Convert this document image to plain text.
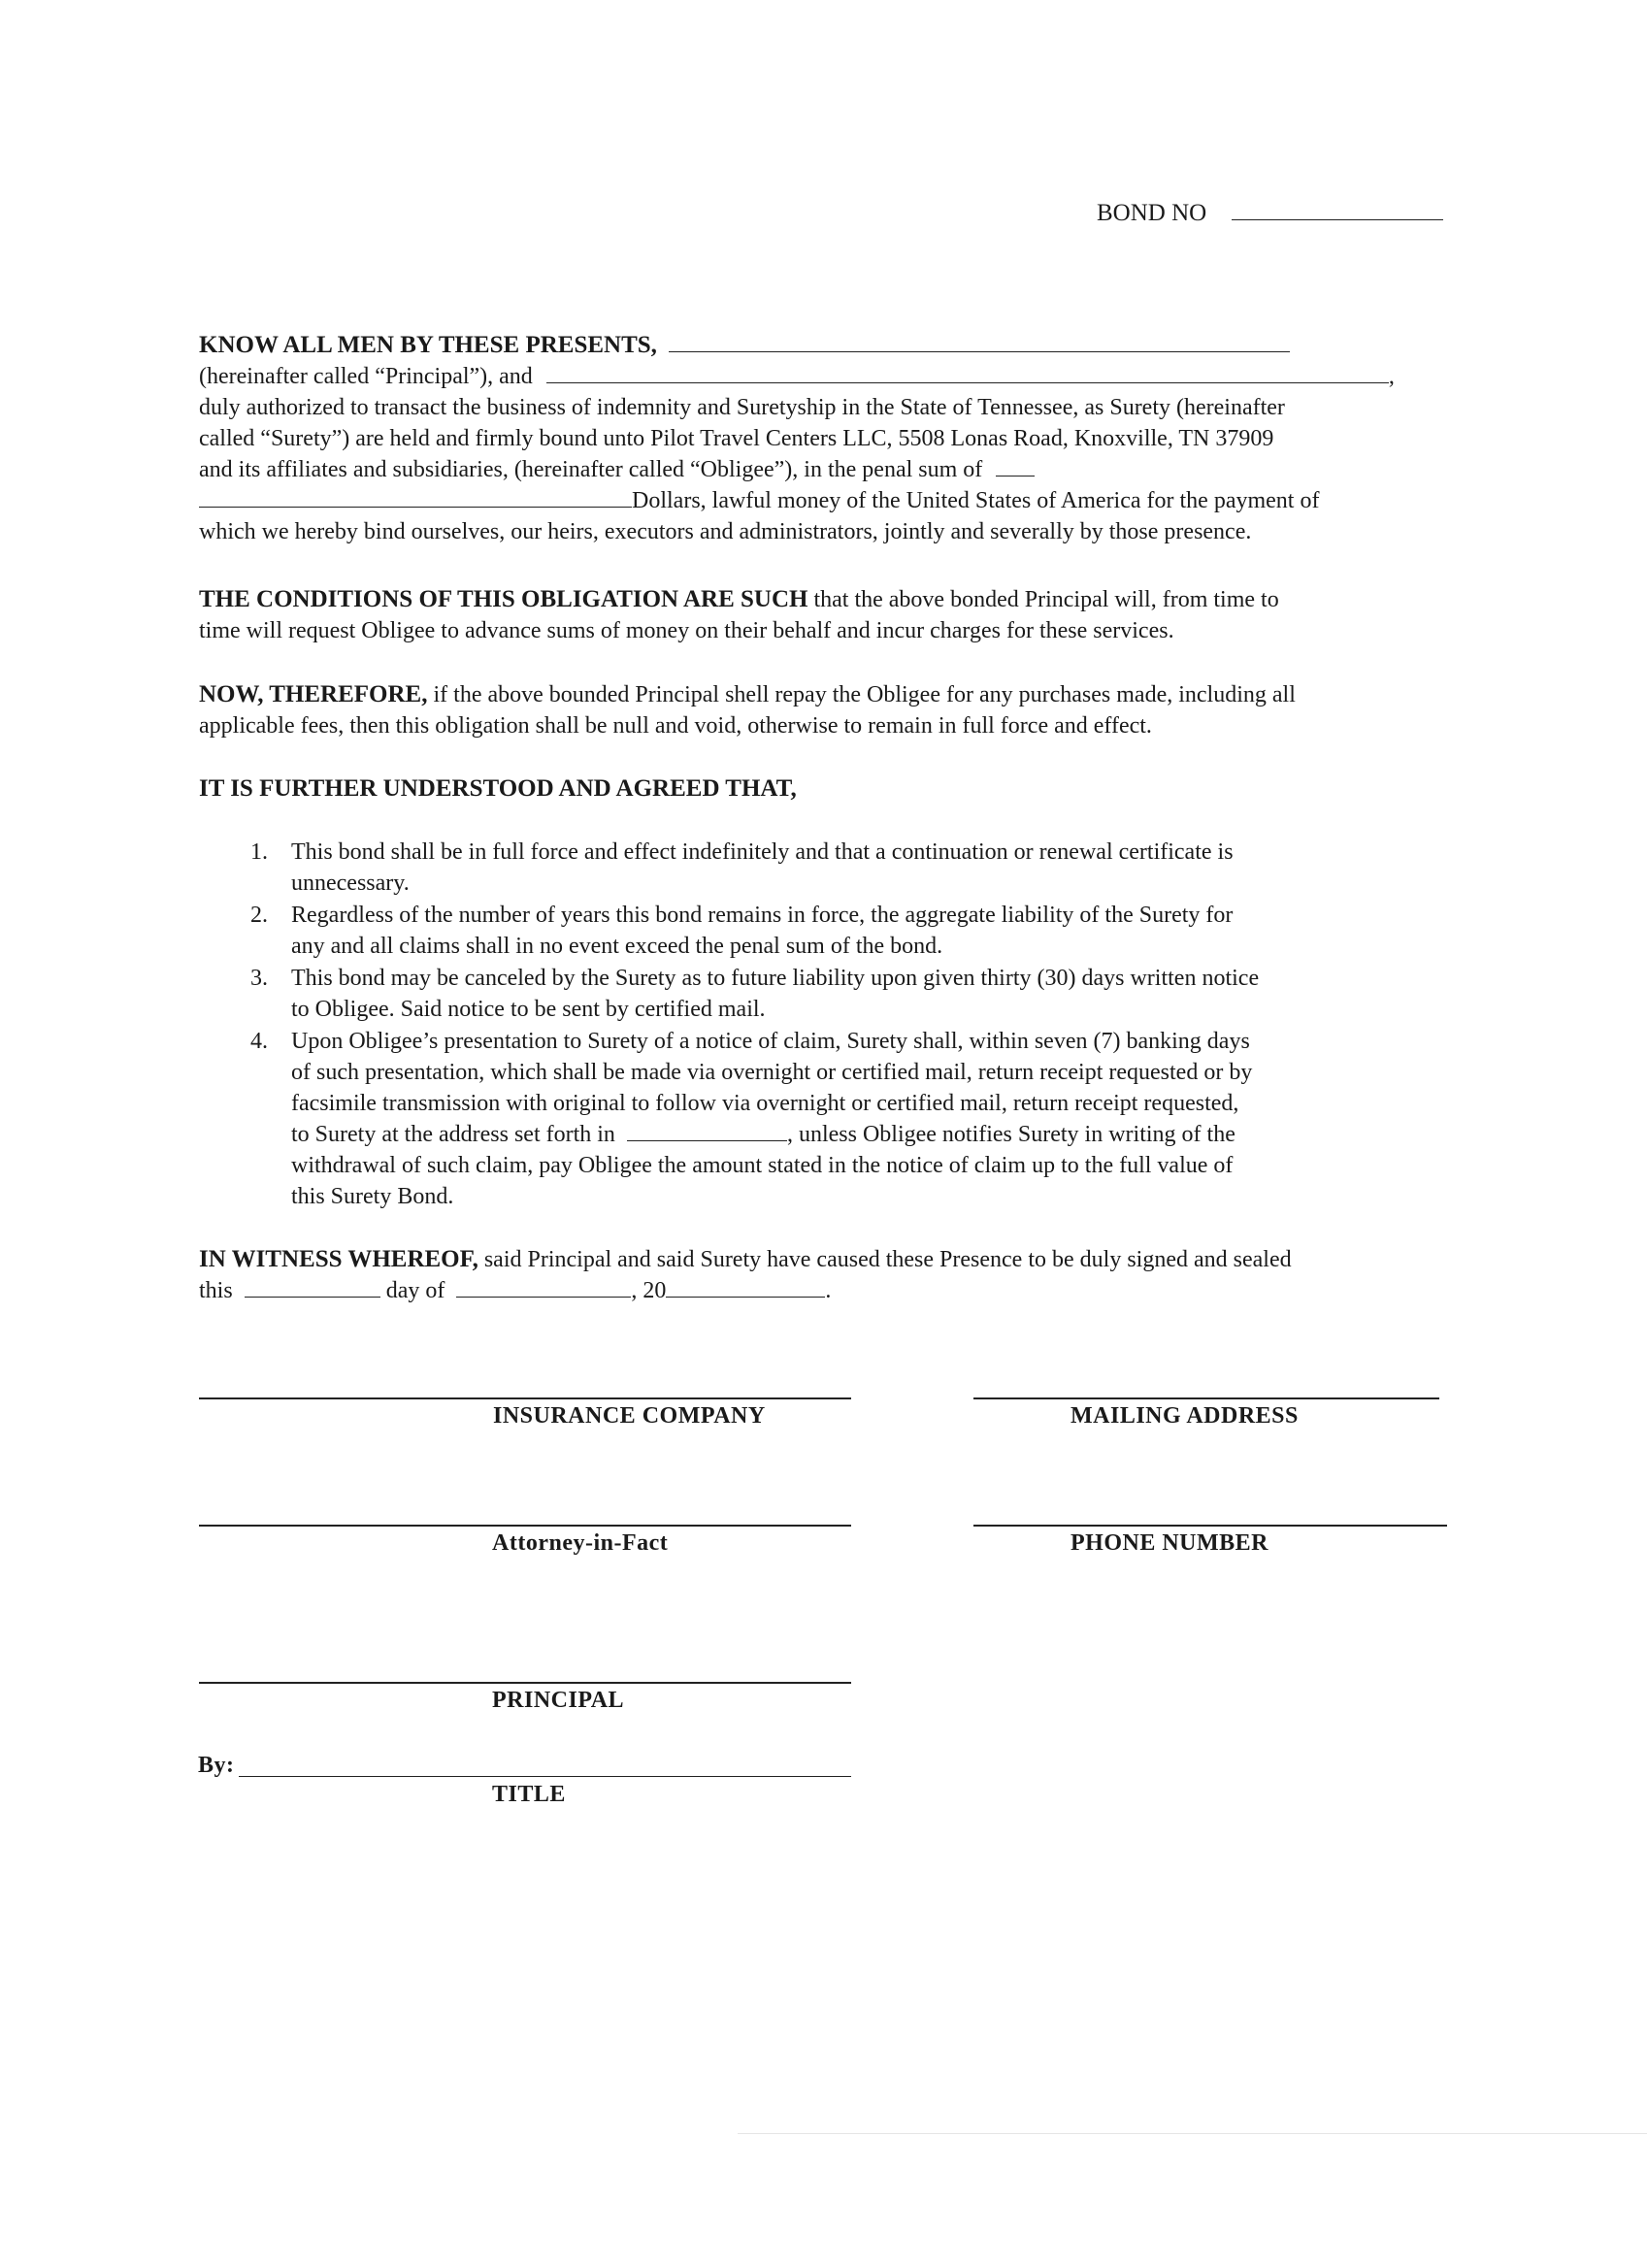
BOND NO
KNOW ALL MEN BY THESE PRESENTS,
(hereinafter called “Principal”), and	,
duly authorized to transact the business of indemnity and Suretyship in the State of Tennessee, as Surety (hereinafter
called “Surety”) are held and firmly bound unto Pilot Travel Centers LLC, 5508 Lonas Road, Knoxville, TN 37909
and its affiliates and subsidiaries, (hereinafter called “Obligee”), in the penal sum of
Dollars, lawful money of the United States of America for the payment of
which we hereby bind ourselves, our heirs, executors and administrators, jointly and severally by those presence.
THE CONDITIONS OF THIS OBLIGATION ARE SUCH that the above bonded Principal will, from time to
time will request Obligee to advance sums of money on their behalf and incur charges for these services.
NOW, THEREFORE, if the above bounded Principal shell repay the Obligee for any purchases made, including all
applicable fees, then this obligation shall be null and void, otherwise to remain in full force and effect.
IT IS FURTHER UNDERSTOOD AND AGREED THAT,
1.	This bond shall be in full force and effect indefinitely and that a continuation or renewal certificate is
unnecessary.
2.	Regardless of the number of years this bond remains in force, the aggregate liability of the Surety for
any and all claims shall in no event exceed the penal sum of the bond.
3.	This bond may be canceled by the Surety as to future liability upon given thirty (30) days written notice
to Obligee. Said notice to be sent by certified mail.
4.	Upon Obligee’s presentation to Surety of a notice of claim, Surety shall, within seven (7) banking days
of such presentation, which shall be made via overnight or certified mail, return receipt requested or by
facsimile transmission with original to follow via overnight or certified mail, return receipt requested,
to Surety at the address set forth in	, unless Obligee notifies Surety in writing of the
withdrawal of such claim, pay Obligee the amount stated in the notice of claim up to the full value of
this Surety Bond.
IN WITNESS WHEREOF, said Principal and said Surety have caused these Presence to be duly signed and sealed
this	day of	, 20	.
INSURANCE COMPANY	MAILING ADDRESS
Attorney-in-Fact	PHONE NUMBER
PRINCIPAL
By:
TITLE
